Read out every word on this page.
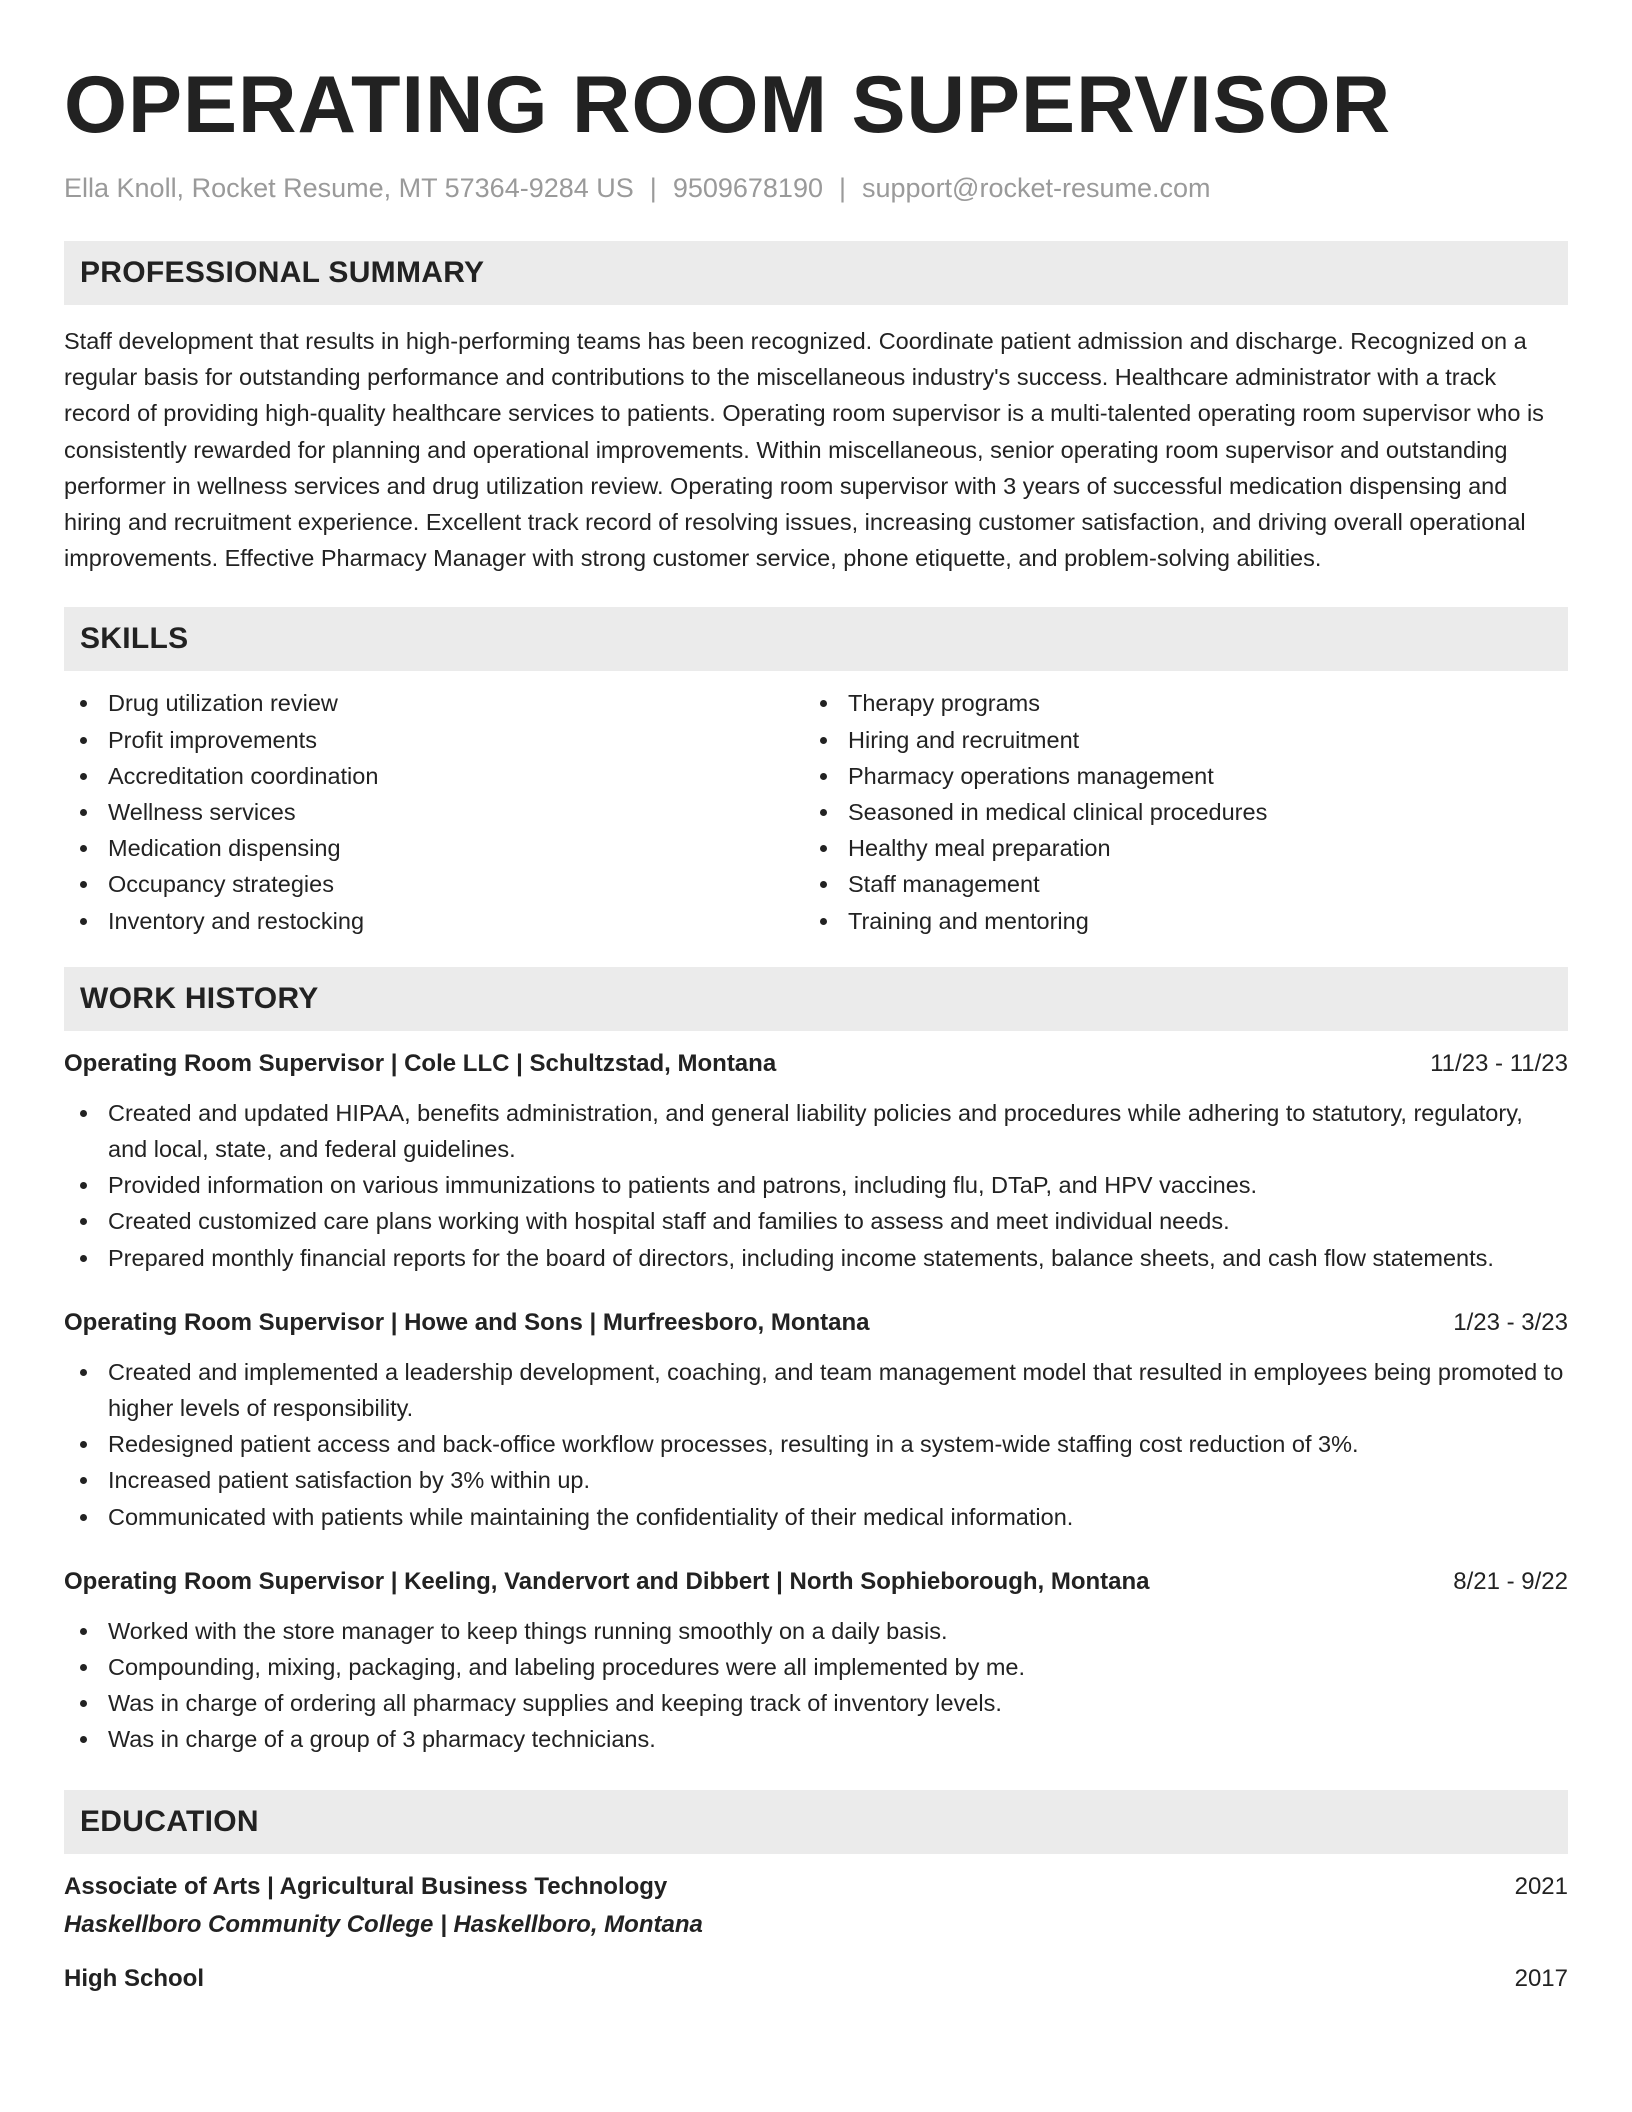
OPERATING ROOM SUPERVISOR
Ella Knoll, Rocket Resume, MT 57364-9284 US | 9509678190 | support@rocket-resume.com
PROFESSIONAL SUMMARY
Staff development that results in high-performing teams has been recognized. Coordinate patient admission and discharge. Recognized on a regular basis for outstanding performance and contributions to the miscellaneous industry's success. Healthcare administrator with a track record of providing high-quality healthcare services to patients. Operating room supervisor is a multi-talented operating room supervisor who is consistently rewarded for planning and operational improvements. Within miscellaneous, senior operating room supervisor and outstanding performer in wellness services and drug utilization review. Operating room supervisor with 3 years of successful medication dispensing and hiring and recruitment experience. Excellent track record of resolving issues, increasing customer satisfaction, and driving overall operational improvements. Effective Pharmacy Manager with strong customer service, phone etiquette, and problem-solving abilities.
SKILLS
Drug utilization review
Profit improvements
Accreditation coordination
Wellness services
Medication dispensing
Occupancy strategies
Inventory and restocking
Therapy programs
Hiring and recruitment
Pharmacy operations management
Seasoned in medical clinical procedures
Healthy meal preparation
Staff management
Training and mentoring
WORK HISTORY
Operating Room Supervisor | Cole LLC | Schultzstad, Montana	11/23 - 11/23
Created and updated HIPAA, benefits administration, and general liability policies and procedures while adhering to statutory, regulatory, and local, state, and federal guidelines.
Provided information on various immunizations to patients and patrons, including flu, DTaP, and HPV vaccines.
Created customized care plans working with hospital staff and families to assess and meet individual needs.
Prepared monthly financial reports for the board of directors, including income statements, balance sheets, and cash flow statements.
Operating Room Supervisor | Howe and Sons | Murfreesboro, Montana	1/23 - 3/23
Created and implemented a leadership development, coaching, and team management model that resulted in employees being promoted to higher levels of responsibility.
Redesigned patient access and back-office workflow processes, resulting in a system-wide staffing cost reduction of 3%.
Increased patient satisfaction by 3% within up.
Communicated with patients while maintaining the confidentiality of their medical information.
Operating Room Supervisor | Keeling, Vandervort and Dibbert | North Sophieborough, Montana	8/21 - 9/22
Worked with the store manager to keep things running smoothly on a daily basis.
Compounding, mixing, packaging, and labeling procedures were all implemented by me.
Was in charge of ordering all pharmacy supplies and keeping track of inventory levels.
Was in charge of a group of 3 pharmacy technicians.
EDUCATION
Associate of Arts | Agricultural Business Technology	2021
Haskellboro Community College | Haskellboro, Montana
High School	2017
